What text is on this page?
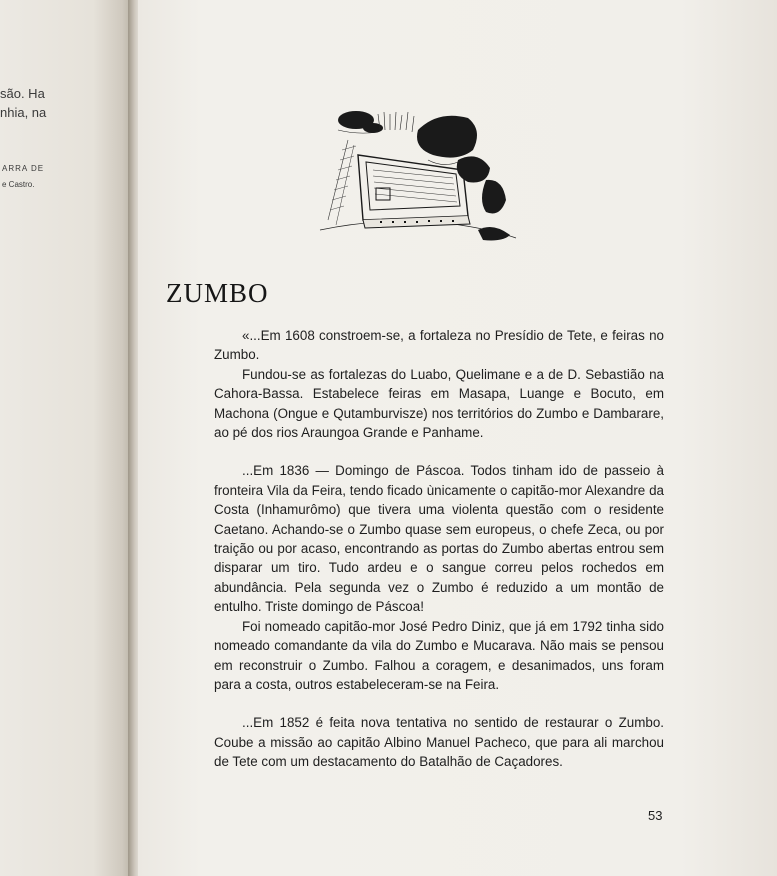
são. Ha
nhia, na
ARRA DE
e Castro.
ZUMBO

«...Em 1608 constroem-se, a fortaleza no Presídio de Tete, e feiras no Zumbo.

Fundou-se as fortalezas do Luabo, Quelimane e a de D. Sebastião na Cahora-Bassa. Estabelece feiras em Masapa, Luange e Bocuto, em Machona (Ongue e Qutamburvisze) nos territórios do Zumbo e Dambarare, ao pé dos rios Araungoa Grande e Panhame.

...Em 1836 — Domingo de Páscoa. Todos tinham ido de passeio à fronteira Vila da Feira, tendo ficado ùnicamente o capitão-mor Alexandre da Costa (Inhamurômo) que tivera uma violenta questão com o residente Caetano. Achando-se o Zumbo quase sem europeus, o chefe Zeca, ou por traição ou por acaso, encontrando as portas do Zumbo abertas entrou sem disparar um tiro. Tudo ardeu e o sangue correu pelos rochedos em abundância. Pela segunda vez o Zumbo é reduzido a um montão de entulho. Triste domingo de Páscoa!

Foi nomeado capitão-mor José Pedro Diniz, que já em 1792 tinha sido nomeado comandante da vila do Zumbo e Mucarava. Não mais se pensou em reconstruir o Zumbo. Falhou a coragem, e desanimados, uns foram para a costa, outros estabeleceram-se na Feira.

...Em 1852 é feita nova tentativa no sentido de restaurar o Zumbo. Coube a missão ao capitão Albino Manuel Pacheco, que para ali marchou de Tete com um destacamento do Batalhão de Caçadores.

53
